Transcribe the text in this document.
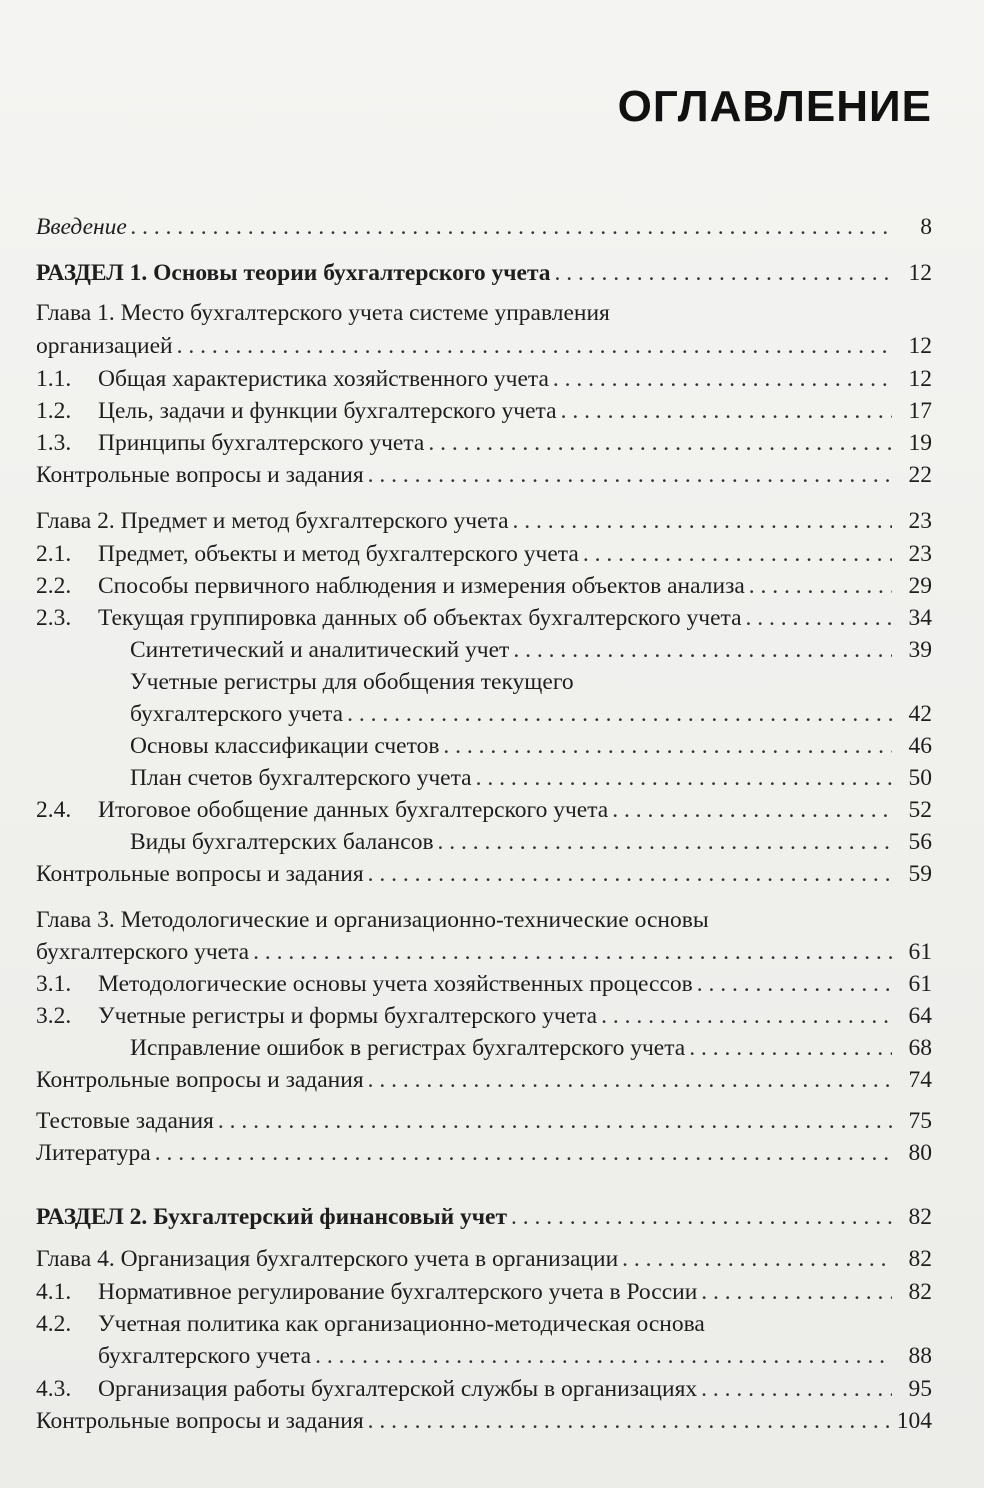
ОГЛАВЛЕНИЕ
Введение . . .	8
РАЗДЕЛ 1. Основы теории бухгалтерского учета . . .	12
Глава 1. Место бухгалтерского учета системе управления
организацией . . .	12
1.1.	Общая характеристика хозяйственного учета . . .	12
1.2.	Цель, задачи и функции бухгалтерского учета . . .	17
1.3.	Принципы бухгалтерского учета . . .	19
Контрольные вопросы и задания . . .	22
Глава 2. Предмет и метод бухгалтерского учета . . .	23
2.1.	Предмет, объекты и метод бухгалтерского учета . . .	23
2.2.	Способы первичного наблюдения и измерения объектов анализа . . .	29
2.3.	Текущая группировка данных об объектах бухгалтерского учета . . .	34
Синтетический и аналитический учет . . .	39
Учетные регистры для обобщения текущего
бухгалтерского учета . . .	42
Основы классификации счетов . . .	46
План счетов бухгалтерского учета . . .	50
2.4.	Итоговое обобщение данных бухгалтерского учета . . .	52
Виды бухгалтерских балансов . . .	56
Контрольные вопросы и задания . . .	59
Глава 3. Методологические и организационно-технические основы
бухгалтерского учета . . .	61
3.1.	Методологические основы учета хозяйственных процессов . . .	61
3.2.	Учетные регистры и формы бухгалтерского учета . . .	64
Исправление ошибок в регистрах бухгалтерского учета . . .	68
Контрольные вопросы и задания . . .	74
Тестовые задания . . .	75
Литература . . .	80
РАЗДЕЛ 2. Бухгалтерский финансовый учет . . .	82
Глава 4. Организация бухгалтерского учета в организации . . .	82
4.1.	Нормативное регулирование бухгалтерского учета в России . . .	82
4.2. Учетная политика как организационно-методическая основа
бухгалтерского учета . . .	88
4.3.	Организация работы бухгалтерской службы в организациях . . .	95
Контрольные вопросы и задания . . .	104
